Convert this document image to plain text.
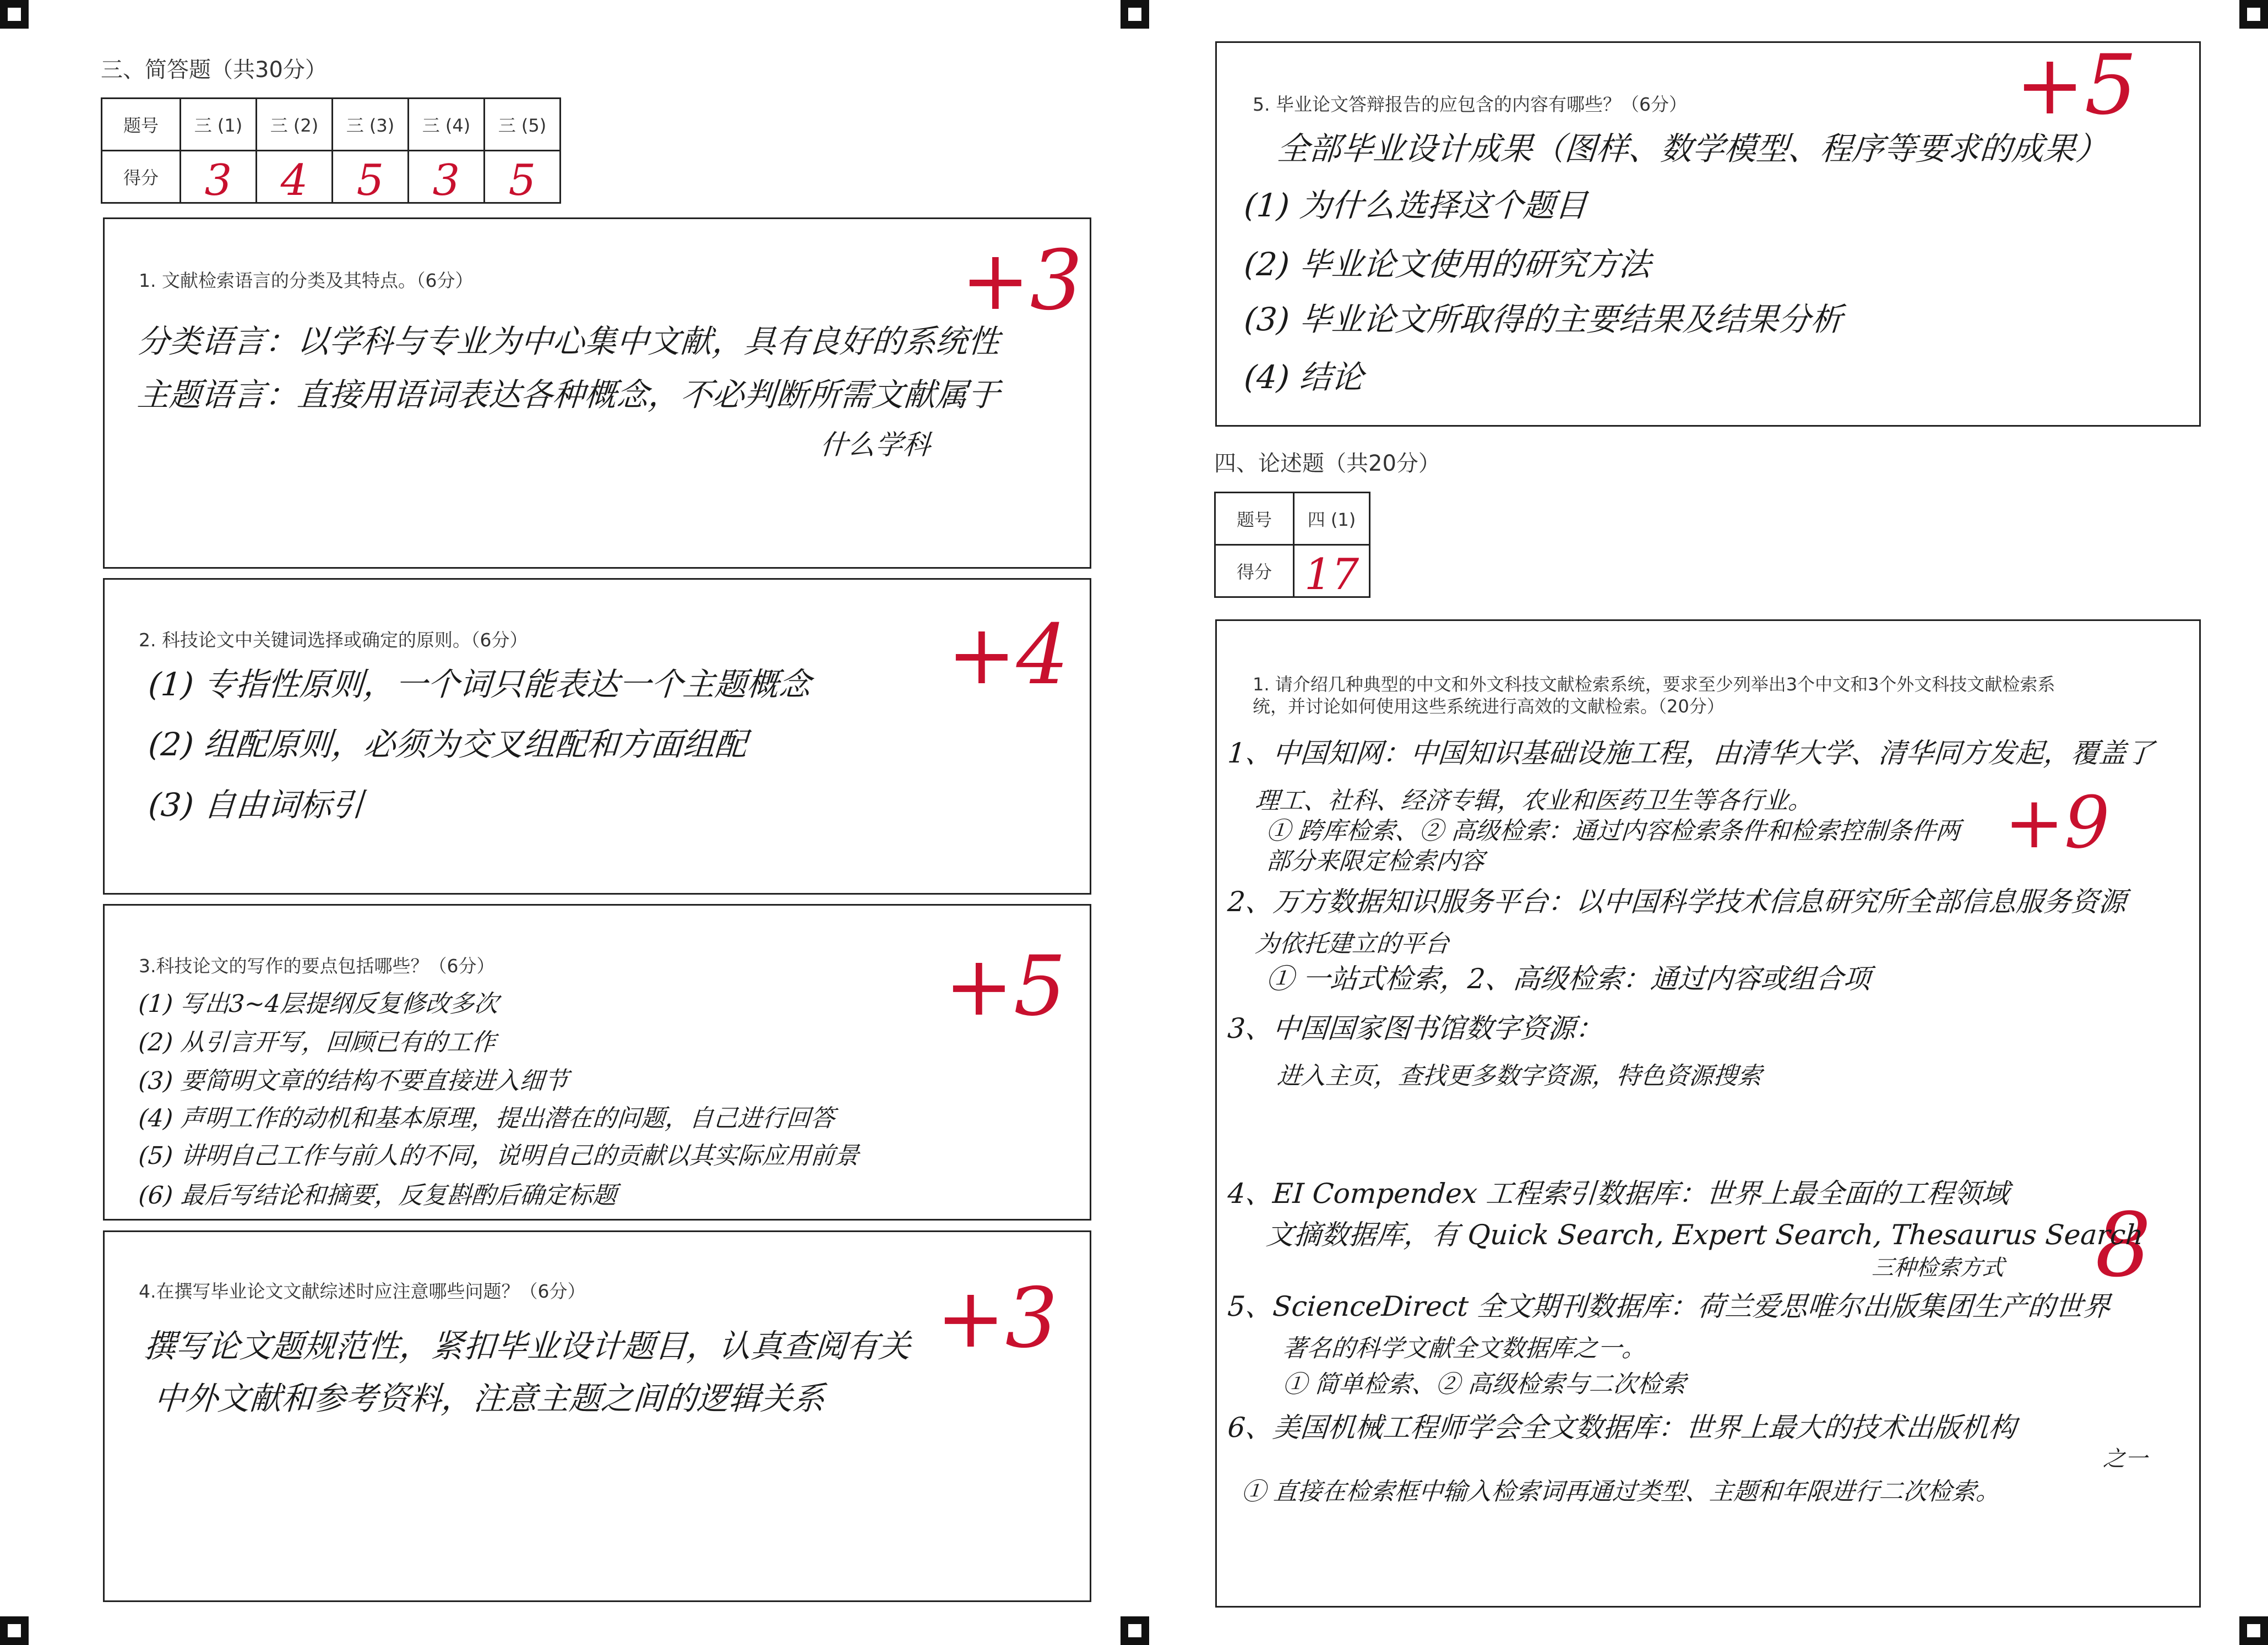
三、简答题（共30分）
题号	三 (1)	三 (2)	三 (3)	三 (4)	三 (5)
得分	3	4	5	3	5
1. 文献检索语言的分类及其特点。（6分）	+3
分类语言：以学科与专业为中心集中文献，具有良好的系统性
主题语言：直接用语词表达各种概念，不必判断所需文献属于
什么学科
2. 科技论文中关键词选择或确定的原则。（6分）	+4
(1) 专指性原则，一个词只能表达一个主题概念
(2) 组配原则，必须为交叉组配和方面组配
(3) 自由词标引
3.科技论文的写作的要点包括哪些？（6分）	+5
(1) 写出3~4层提纲反复修改多次
(2) 从引言开写，回顾已有的工作
(3) 要简明文章的结构不要直接进入细节
(4) 声明工作的动机和基本原理，提出潜在的问题，自己进行回答
(5) 讲明自己工作与前人的不同，说明自己的贡献以其实际应用前景
(6) 最后写结论和摘要，反复斟酌后确定标题
4.在撰写毕业论文文献综述时应注意哪些问题？（6分）	+3
撰写论文题规范性，紧扣毕业设计题目，认真查阅有关
中外文献和参考资料，注意主题之间的逻辑关系
5. 毕业论文答辩报告的应包含的内容有哪些？（6分）	+5
全部毕业设计成果（图样、数学模型、程序等要求的成果）
(1) 为什么选择这个题目
(2) 毕业论文使用的研究方法
(3) 毕业论文所取得的主要结果及结果分析
(4) 结论
四、论述题（共20分）
题号	四 (1)
得分	17
1. 请介绍几种典型的中文和外文科技文献检索系统，要求至少列举出3个中文和3个外文科技文献检索系
统，并讨论如何使用这些系统进行高效的文献检索。（20分）
+9
8
1、中国知网：中国知识基础设施工程，由清华大学、清华同方发起，覆盖了
理工、社科、经济专辑，农业和医药卫生等各行业。
① 跨库检索、② 高级检索：通过内容检索条件和检索控制条件两
部分来限定检索内容
2、万方数据知识服务平台：以中国科学技术信息研究所全部信息服务资源
为依托建立的平台
① 一站式检索，2、高级检索：通过内容或组合项
3、中国国家图书馆数字资源：
进入主页，查找更多数字资源，特色资源搜索
4、EI Compendex 工程索引数据库：世界上最全面的工程领域
文摘数据库，有 Quick Search, Expert Search, Thesaurus Search
三种检索方式
5、ScienceDirect 全文期刊数据库：荷兰爱思唯尔出版集团生产的世界
著名的科学文献全文数据库之一。
① 简单检索、② 高级检索与二次检索
6、美国机械工程师学会全文数据库：世界上最大的技术出版机构
之一
① 直接在检索框中输入检索词再通过类型、主题和年限进行二次检索。
